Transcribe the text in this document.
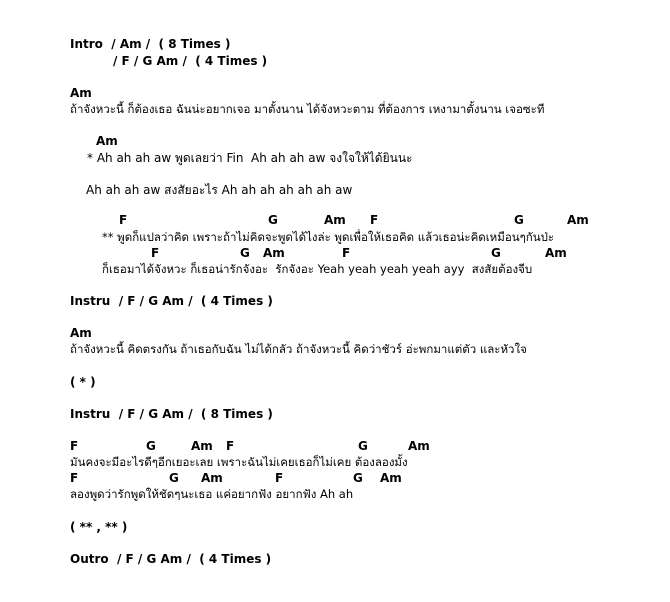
Intro  / Am /  ( 8 Times )
/ F / G Am /  ( 4 Times )
Am
ถ้าจังหวะนี้ ก็ต้องเธอ ฉันน่ะอยากเจอ มาตั้งนาน ได้จังหวะตาม ที่ต้องการ เหงามาตั้งนาน เจอซะที
Am
* Ah ah ah aw พูดเลยว่า Fin  Ah ah ah aw จงใจให้ได้ยินนะ
Ah ah ah aw สงสัยอะไร Ah ah ah ah ah ah aw
F	G	Am F	G	Am
** พูดก็แปลว่าคิด เพราะถ้าไม่คิดจะพูดได้ไงล่ะ พูดเพื่อให้เธอคิด แล้วเธอน่ะคิดเหมือนๆกันป่ะ
F	G Am	F	G	Am
ก็เธอมาได้จังหวะ ก็เธอน่ารักจังอะ  รักจังอะ Yeah yeah yeah yeah ayy  สงสัยต้องจีบ
Instru  / F / G Am /  ( 4 Times )
Am
ถ้าจังหวะนี้ คิดตรงกัน ถ้าเธอกับฉัน ไม่ได้กลัว ถ้าจังหวะนี้ คิดว่าชัวร์ อ่ะพกมาแต่ตัว และหัวใจ
( * )
Instru  / F / G Am /  ( 8 Times )
F	G	Am F	G	Am
มันคงจะมีอะไรดีๆอีกเยอะเลย เพราะฉันไม่เคยเธอก็ไม่เคย ต้องลองมั้ง
F	G Am	F	G Am
ลองพูดว่ารักพูดให้ชัดๆนะเธอ แค่อยากฟัง อยากฟัง Ah ah
( ** , ** )
Outro  / F / G Am /  ( 4 Times )
